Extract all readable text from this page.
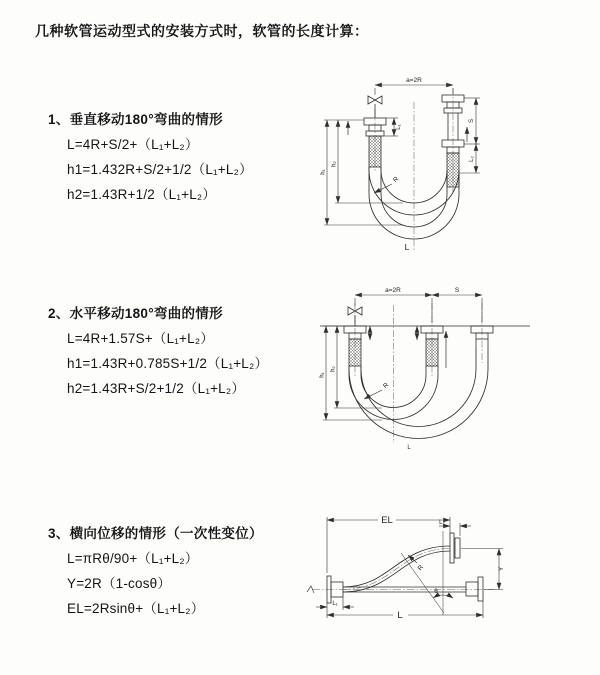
几种软管运动型式的安装方式时，软管的长度计算：
1、垂直移动180°弯曲的情形
L=4R+S/2+（L₁+L₂）
h1=1.432R+S/2+1/2（L₁+L₂）
h2=1.43R+1/2（L₁+L₂）
2、水平移动180°弯曲的情形
L=4R+1.57S+（L₁+L₂）
h1=1.43R+0.785S+1/2（L₁+L₂）
h2=1.43R+S/2+1/2（L₁+L₂）
3、横向位移的情形（一次性变位）
L=πRθ/90+（L₁+L₂）
Y=2R（1-cosθ）
EL=2Rsinθ+（L₁+L₂）
a=2R
h₁
h₂
L₁
S
L₂
R
L
a=2R	S
h₁
h₂
R
L
EL	L₂
θ
R	Y
L₁
L
